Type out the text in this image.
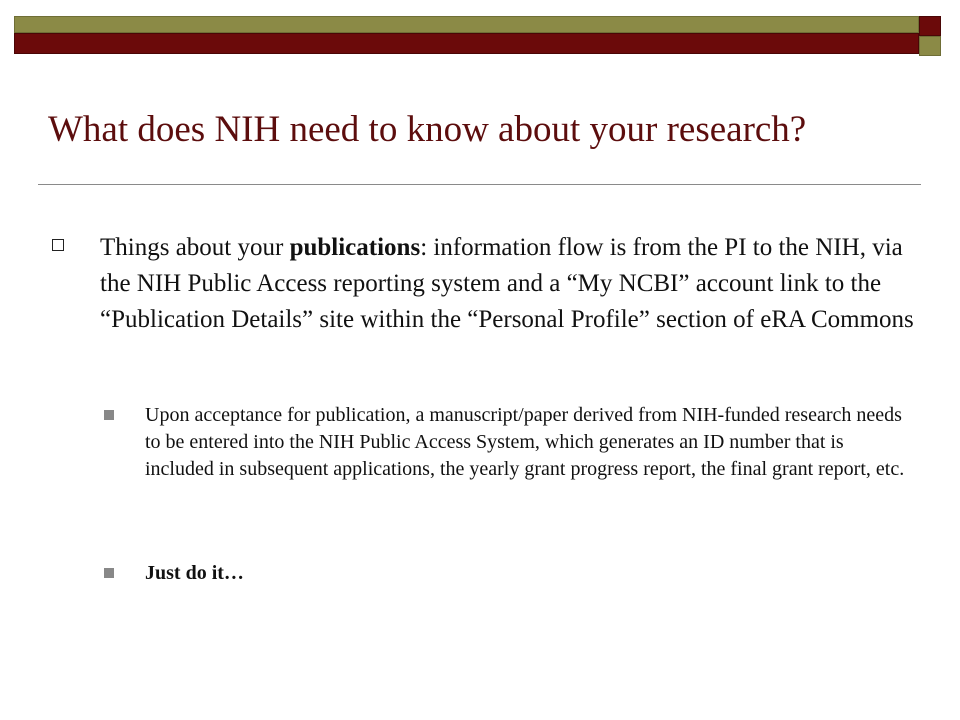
What does NIH need to know about your research?
Things about your publications: information flow is from the PI to the NIH, via the NIH Public Access reporting system and a “My NCBI” account link to the “Publication Details” site within the “Personal Profile” section of eRA Commons
Upon acceptance for publication, a manuscript/paper derived from NIH-funded research needs to be entered into the NIH Public Access System, which generates an ID number that is included in subsequent applications, the yearly grant progress report, the final grant report, etc.
Just do it…
